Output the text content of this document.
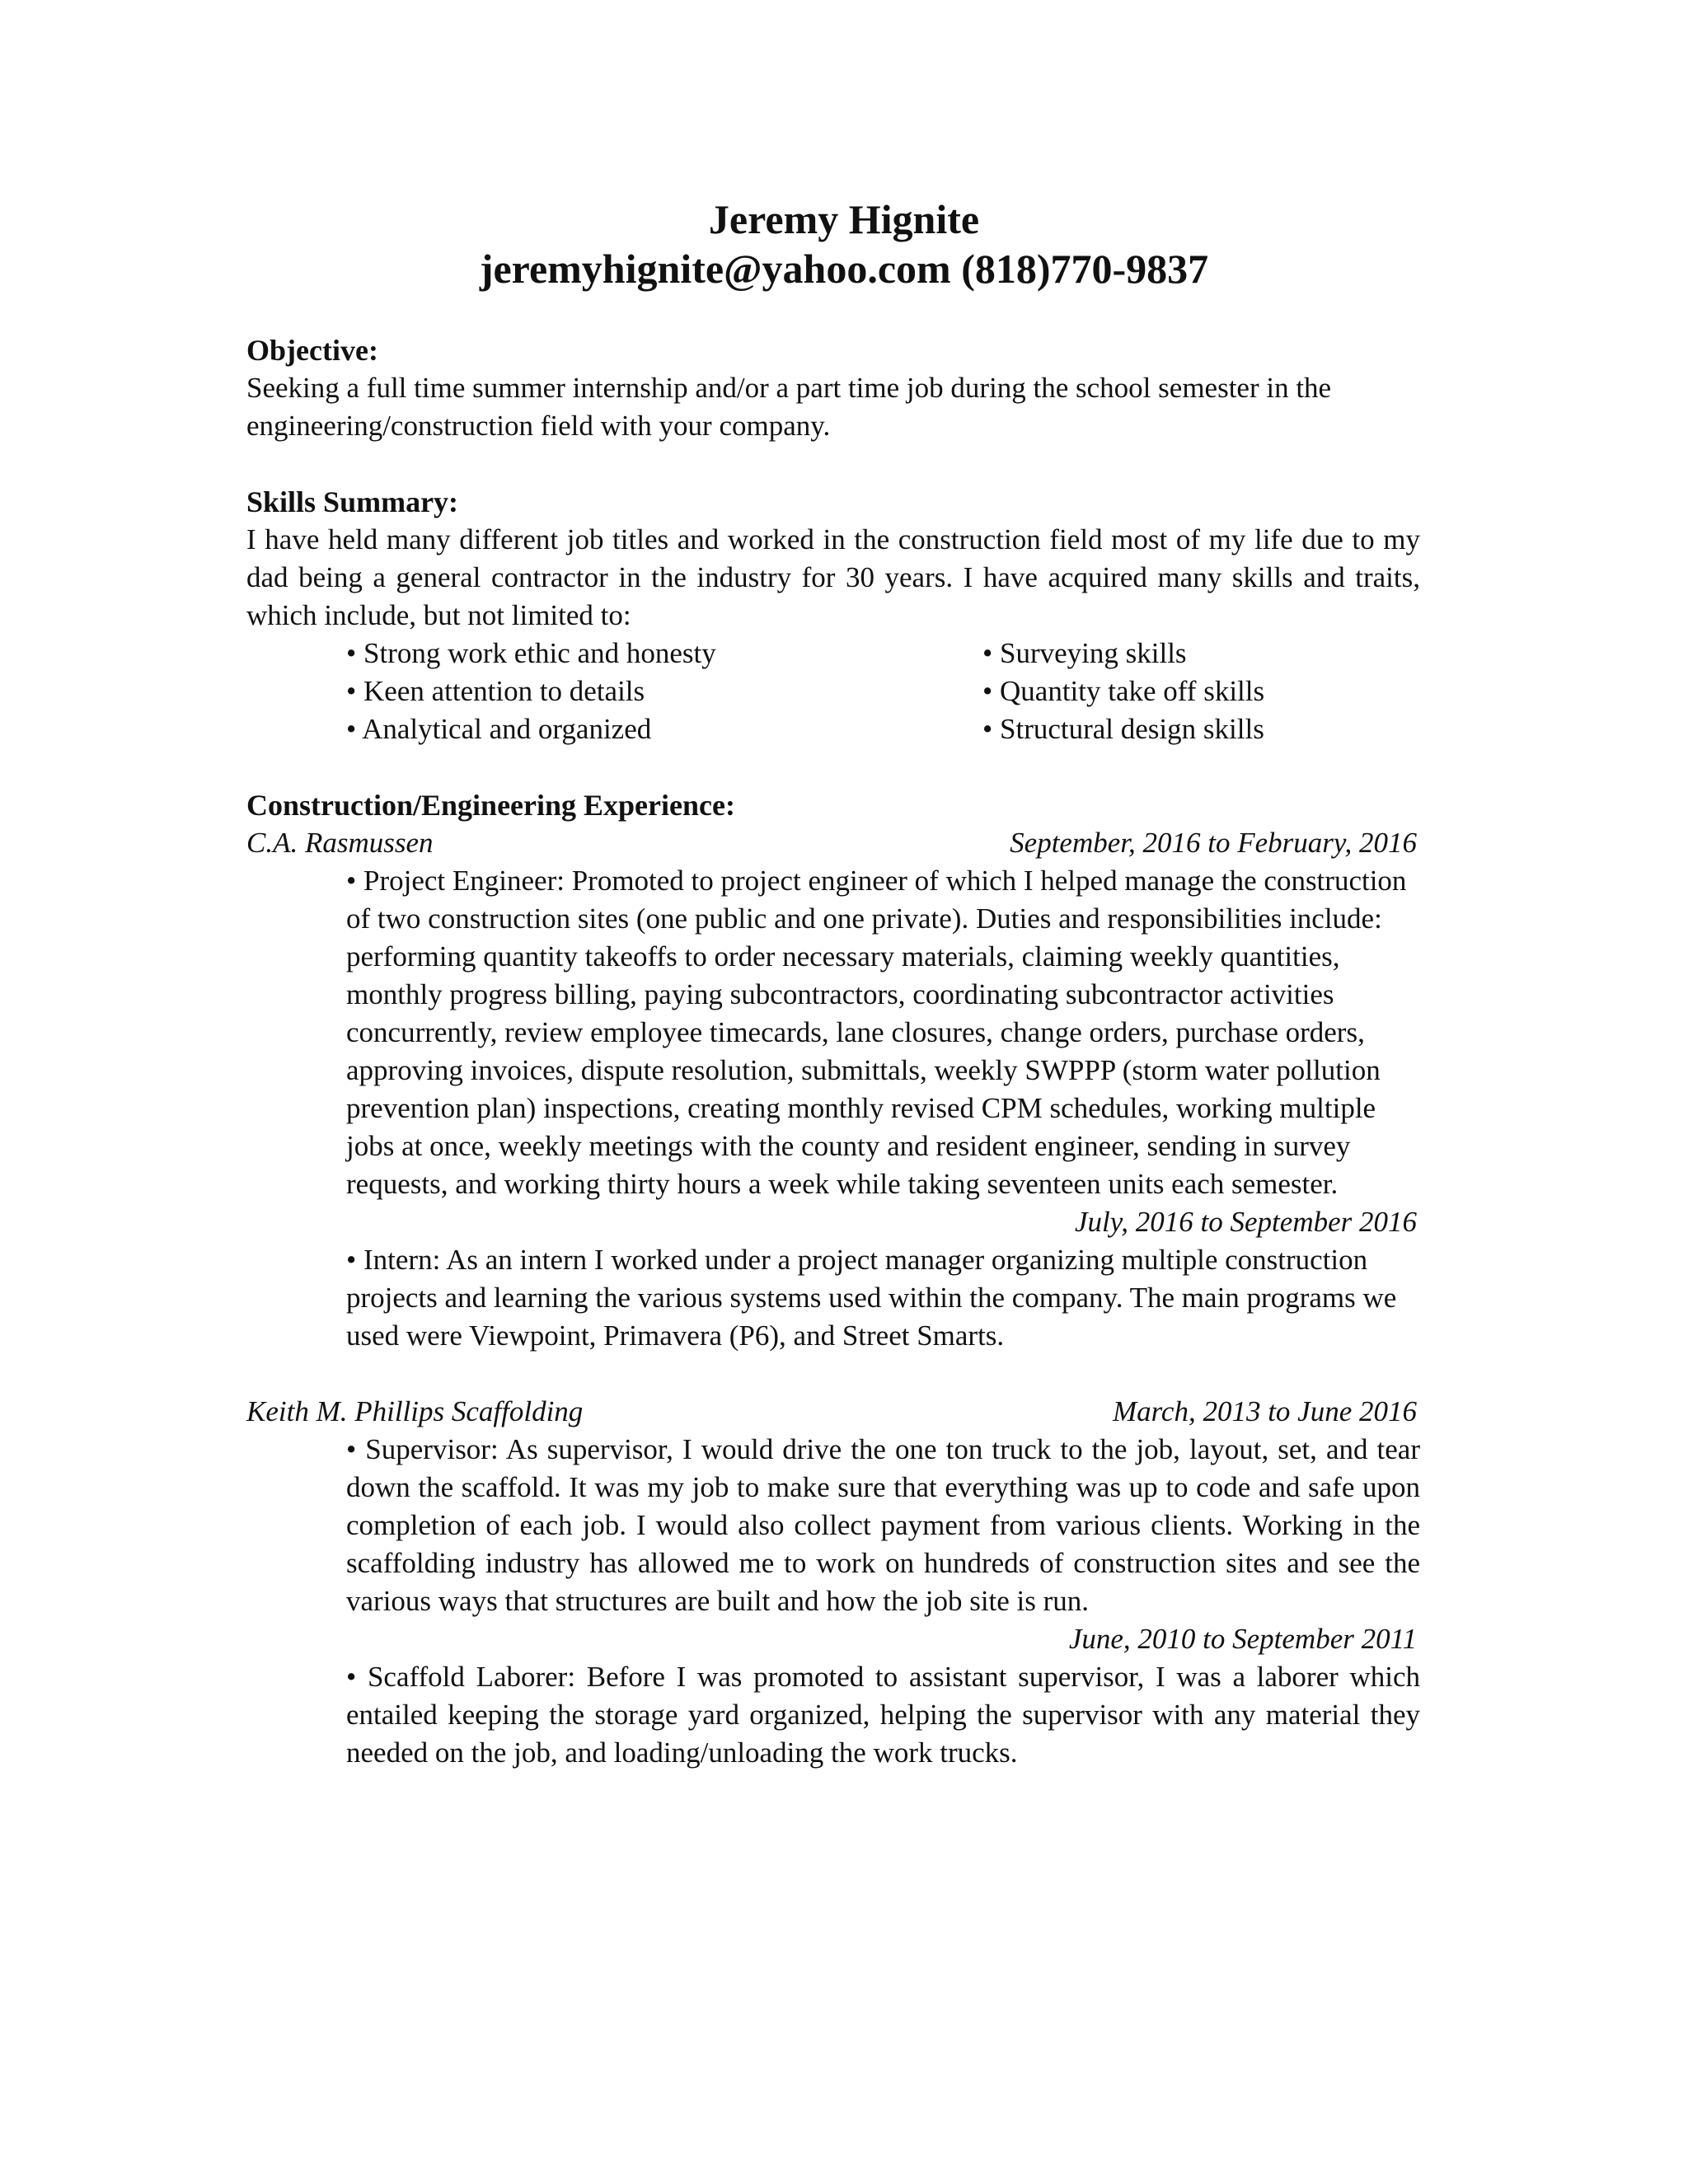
Jeremy Hignite
jeremyhignite@yahoo.com (818)770-9837

Objective:

Seeking a full time summer internship and/or a part time job during the school semester in the engineering/construction field with your company.

Skills Summary:

I have held many different job titles and worked in the construction field most of my life due to my dad being a general contractor in the industry for 30 years. I have acquired many skills and traits, which include, but not limited to:

• Strong work ethic and honesty	• Surveying skills
• Keen attention to details	• Quantity take off skills
• Analytical and organized	• Structural design skills

Construction/Engineering Experience:

C.A. Rasmussen	September, 2016 to February, 2016

• Project Engineer: Promoted to project engineer of which I helped manage the construction of two construction sites (one public and one private). Duties and responsibilities include: performing quantity takeoffs to order necessary materials, claiming weekly quantities, monthly progress billing, paying subcontractors, coordinating subcontractor activities concurrently, review employee timecards, lane closures, change orders, purchase orders, approving invoices, dispute resolution, submittals, weekly SWPPP (storm water pollution prevention plan) inspections, creating monthly revised CPM schedules, working multiple jobs at once, weekly meetings with the county and resident engineer, sending in survey requests, and working thirty hours a week while taking seventeen units each semester.

July, 2016 to September 2016

• Intern: As an intern I worked under a project manager organizing multiple construction projects and learning the various systems used within the company. The main programs we used were Viewpoint, Primavera (P6), and Street Smarts.

Keith M. Phillips Scaffolding	March, 2013 to June 2016

• Supervisor: As supervisor, I would drive the one ton truck to the job, layout, set, and tear down the scaffold. It was my job to make sure that everything was up to code and safe upon completion of each job. I would also collect payment from various clients. Working in the scaffolding industry has allowed me to work on hundreds of construction sites and see the various ways that structures are built and how the job site is run.

June, 2010 to September 2011

• Scaffold Laborer: Before I was promoted to assistant supervisor, I was a laborer which entailed keeping the storage yard organized, helping the supervisor with any material they needed on the job, and loading/unloading the work trucks.
